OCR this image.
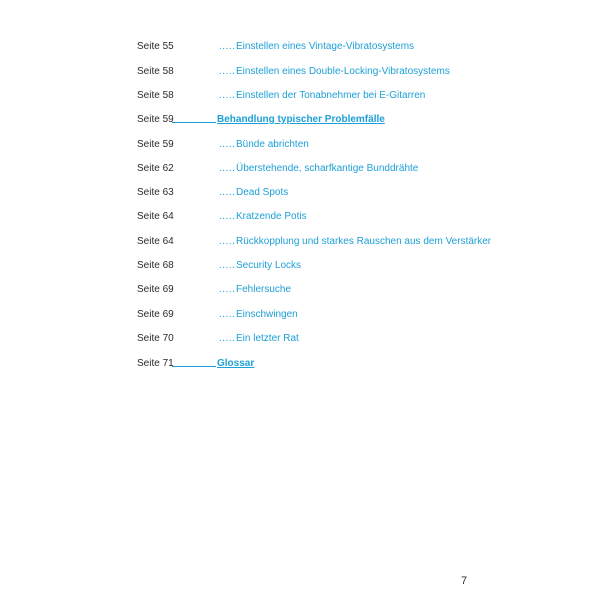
Seite 55	..... Einstellen eines Vintage-Vibratosystems
Seite 58	..... Einstellen eines Double-Locking-Vibratosystems
Seite 58	..... Einstellen der Tonabnehmer bei E-Gitarren
Seite 59	Behandlung typischer Problemfälle
Seite 59	..... Bünde abrichten
Seite 62	..... Überstehende, scharfkantige Bunddrähte
Seite 63	..... Dead Spots
Seite 64	..... Kratzende Potis
Seite 64	..... Rückkopplung und starkes Rauschen aus dem Verstärker
Seite 68	..... Security Locks
Seite 69	..... Fehlersuche
Seite 69	..... Einschwingen
Seite 70	..... Ein letzter Rat
Seite 71	Glossar
7
